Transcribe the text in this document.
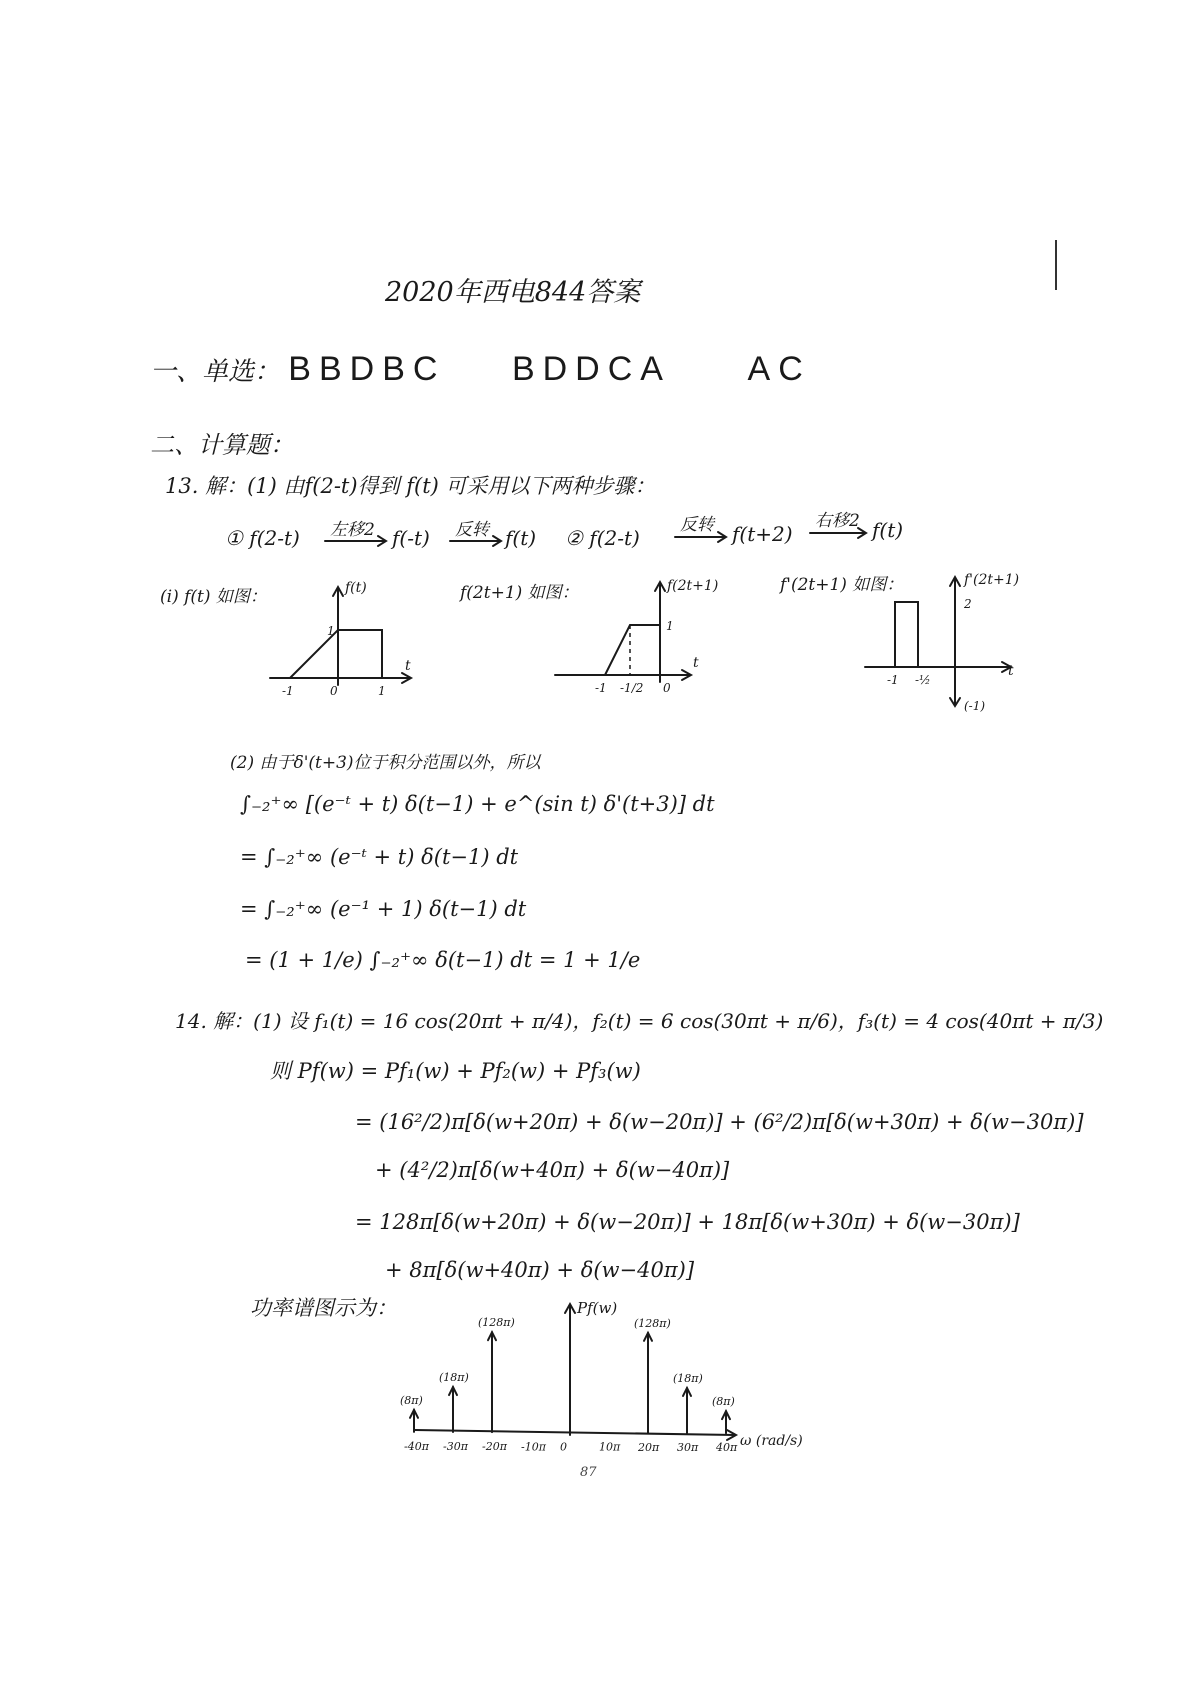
2020年西电844答案
一、单选： BBDBC BDDCA AC
二、计算题：
13. 解：(1) 由f(2-t)得到 f(t) 可采用以下两种步骤：
① f(2-t) 左移2 f(-t) 反转 f(t) ② f(2-t)
反转 f(t+2)
右移2 f(t)
(i) f(t) 如图：	f(2t+1) 如图：	f'(2t+1) 如图：
f(t)
t
1
-1	0	1
f(2t+1)
t
1
-1 -1/2 0
f'(2t+1)
t
2
(-1)
-1 -½
(2) 由于δ'(t+3)位于积分范围以外，所以
∫₋₂⁺∞ [(e⁻ᵗ + t) δ(t−1) + e^(sin t) δ'(t+3)] dt
= ∫₋₂⁺∞ (e⁻ᵗ + t) δ(t−1) dt
= ∫₋₂⁺∞ (e⁻¹ + 1) δ(t−1) dt
= (1 + 1/e) ∫₋₂⁺∞ δ(t−1) dt = 1 + 1/e
14. 解：(1) 设 f₁(t) = 16 cos(20πt + π/4)，f₂(t) = 6 cos(30πt + π/6)，f₃(t) = 4 cos(40πt + π/3)
则 Pf(w) = Pf₁(w) + Pf₂(w) + Pf₃(w)
= (16²/2)π[δ(w+20π) + δ(w−20π)] + (6²/2)π[δ(w+30π) + δ(w−30π)]
+ (4²/2)π[δ(w+40π) + δ(w−40π)]
= 128π[δ(w+20π) + δ(w−20π)] + 18π[δ(w+30π) + δ(w−30π)]
+ 8π[δ(w+40π) + δ(w−40π)]
功率谱图示为：	Pf(w)
ω (rad/s)
-40π -30π -20π -10π 0	10π 20π 30π 40π
(8π)
(18π)
(128π)	(128π)
(18π)
(8π)
87
